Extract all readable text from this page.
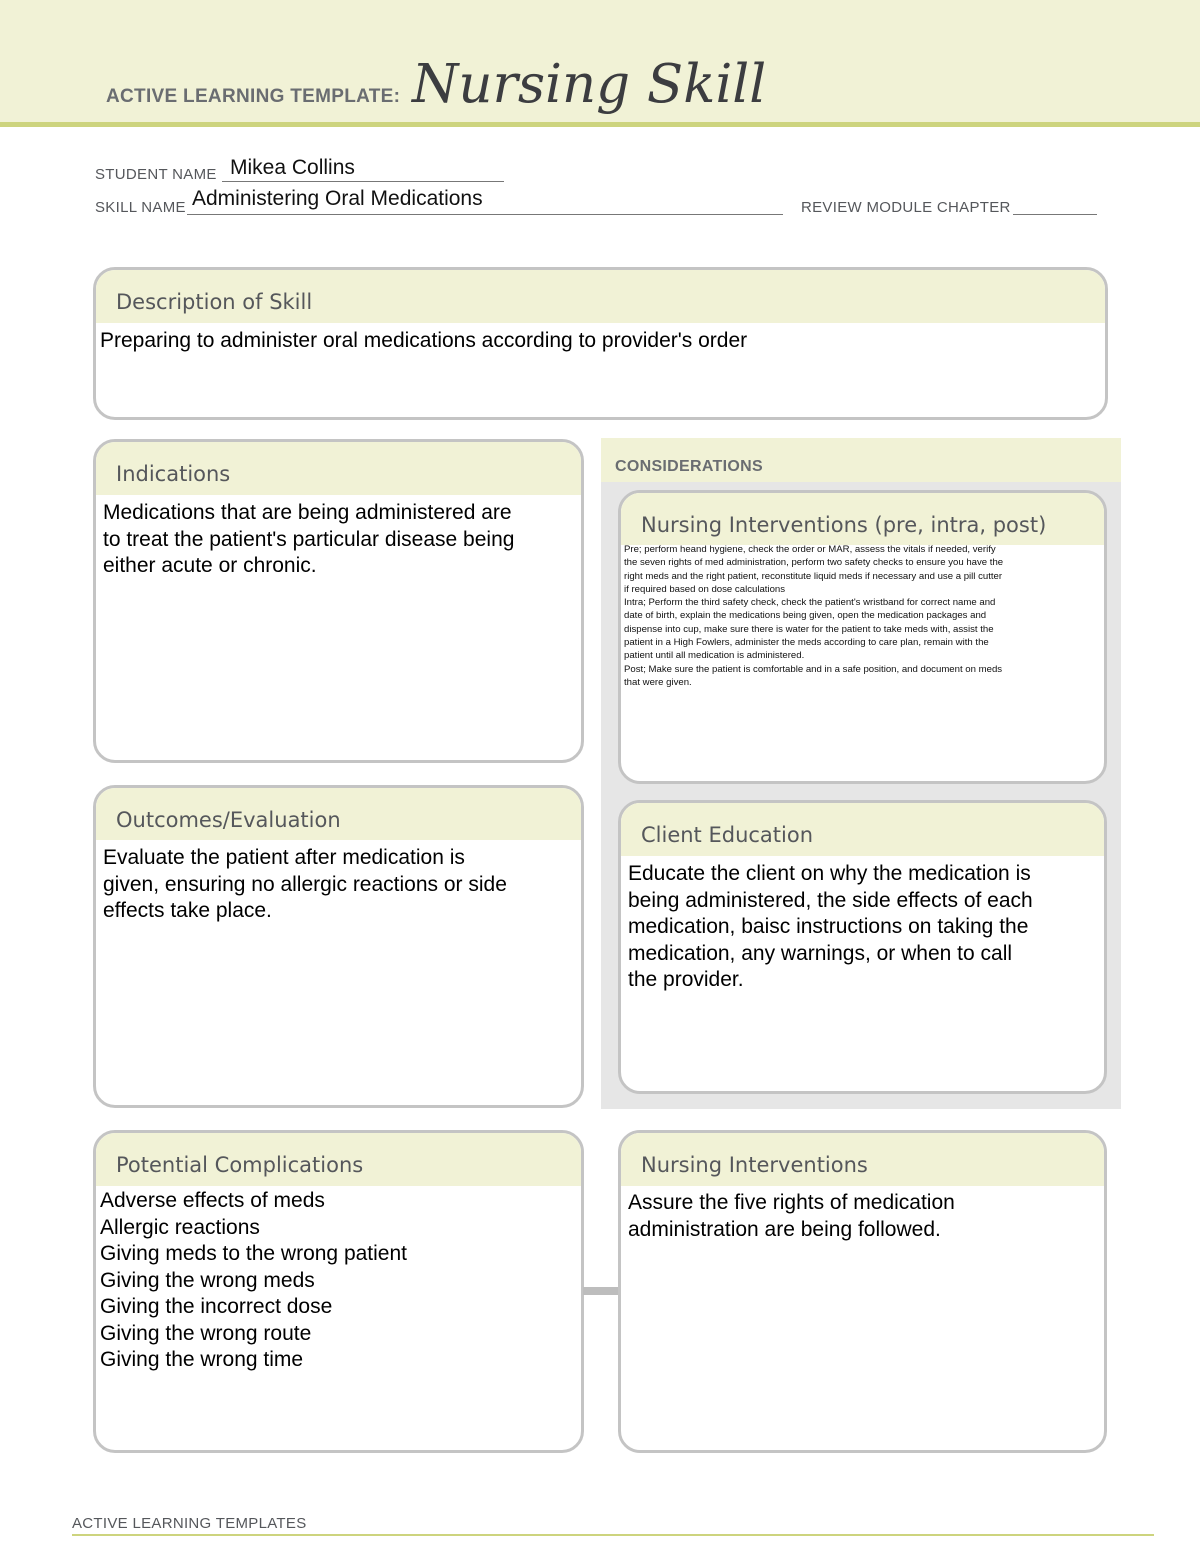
ACTIVE LEARNING TEMPLATE: Nursing Skill
STUDENT NAME Mikea Collins
SKILL NAME Administering Oral Medications	REVIEW MODULE CHAPTER
Description of Skill
Preparing to administer oral medications according to provider's order
Indications
Medications that are being administered are
to treat the patient's particular disease being
either acute or chronic.
CONSIDERATIONS
Nursing Interventions (pre, intra, post)
Pre; perform heand hygiene, check the order or MAR, assess the vitals if needed, verify
the seven rights of med administration, perform two safety checks to ensure you have the
right meds and the right patient, reconstitute liquid meds if necessary and use a pill cutter
if required based on dose calculations
Intra; Perform the third safety check, check the patient's wristband for correct name and
date of birth, explain the medications being given, open the medication packages and
dispense into cup, make sure there is water for the patient to take meds with, assist the
patient in a High Fowlers, administer the meds according to care plan, remain with the
patient until all medication is administered.
Post; Make sure the patient is comfortable and in a safe position, and document on meds
that were given.
Outcomes/Evaluation
Evaluate the patient after medication is
given, ensuring no allergic reactions or side
effects take place.
Client Education
Educate the client on why the medication is
being administered, the side effects of each
medication, baisc instructions on taking the
medication, any warnings, or when to call
the provider.
Potential Complications
Adverse effects of meds
Allergic reactions
Giving meds to the wrong patient
Giving the wrong meds
Giving the incorrect dose
Giving the wrong route
Giving the wrong time
Nursing Interventions
Assure the five rights of medication
administration are being followed.
ACTIVE LEARNING TEMPLATES
